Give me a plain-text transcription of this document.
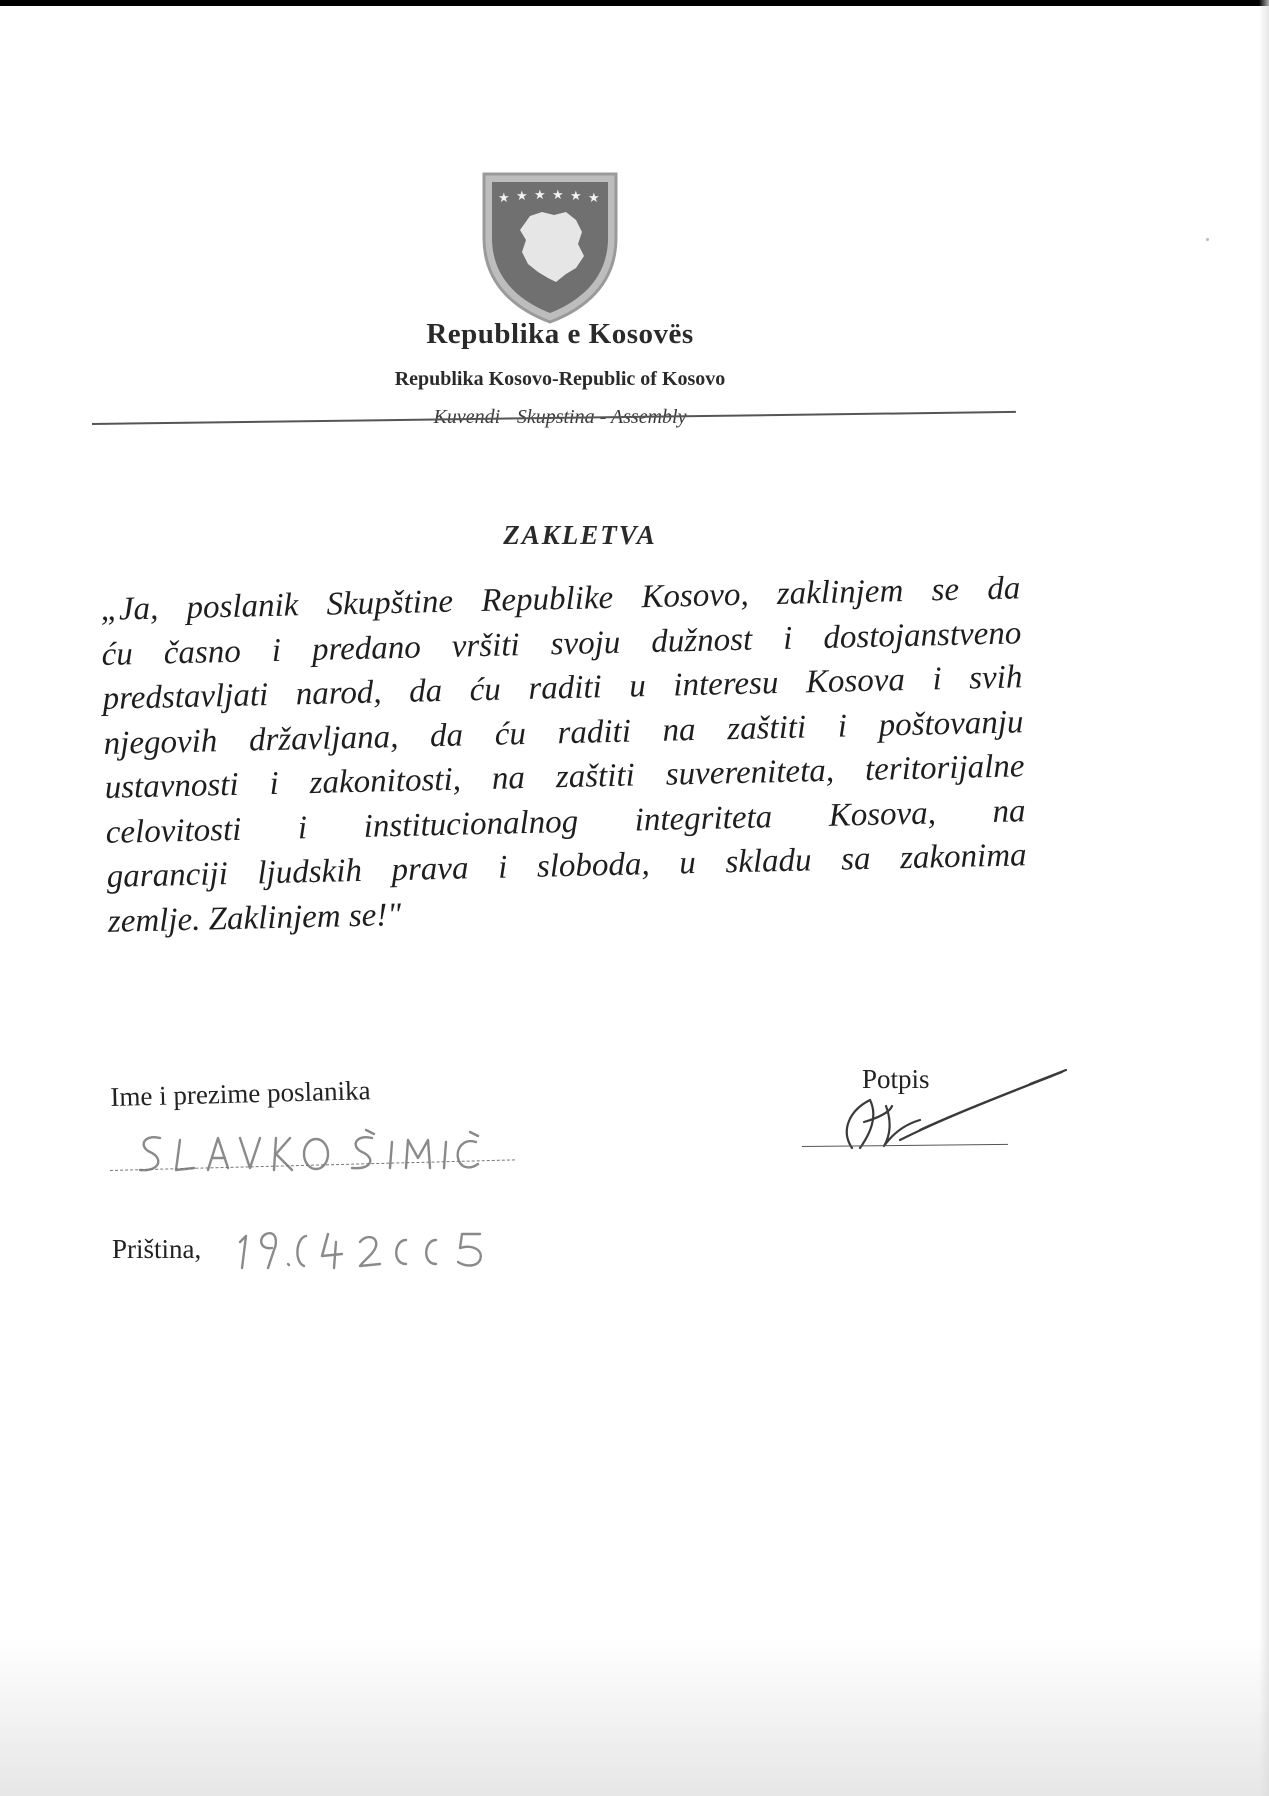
★ ★ ★ ★ ★ ★
Republika e Kosovës
Republika Kosovo-Republic of Kosovo
Kuvendi - Skupstina - Assembly
ZAKLETVA
„Ja, poslanik Skupštine Republike Kosovo, zaklinjem se da
ću časno i predano vršiti svoju dužnost i dostojanstveno
predstavljati narod, da ću raditi u interesu Kosova i svih
njegovih državljana, da ću raditi na zaštiti i poštovanju
ustavnosti i zakonitosti, na zaštiti suvereniteta, teritorijalne
celovitosti i institucionalnog integriteta Kosova, na
garanciji ljudskih prava i sloboda, u skladu sa zakonima
zemlje. Zaklinjem se!"
Ime i prezime poslanika	Potpis
Priština,
